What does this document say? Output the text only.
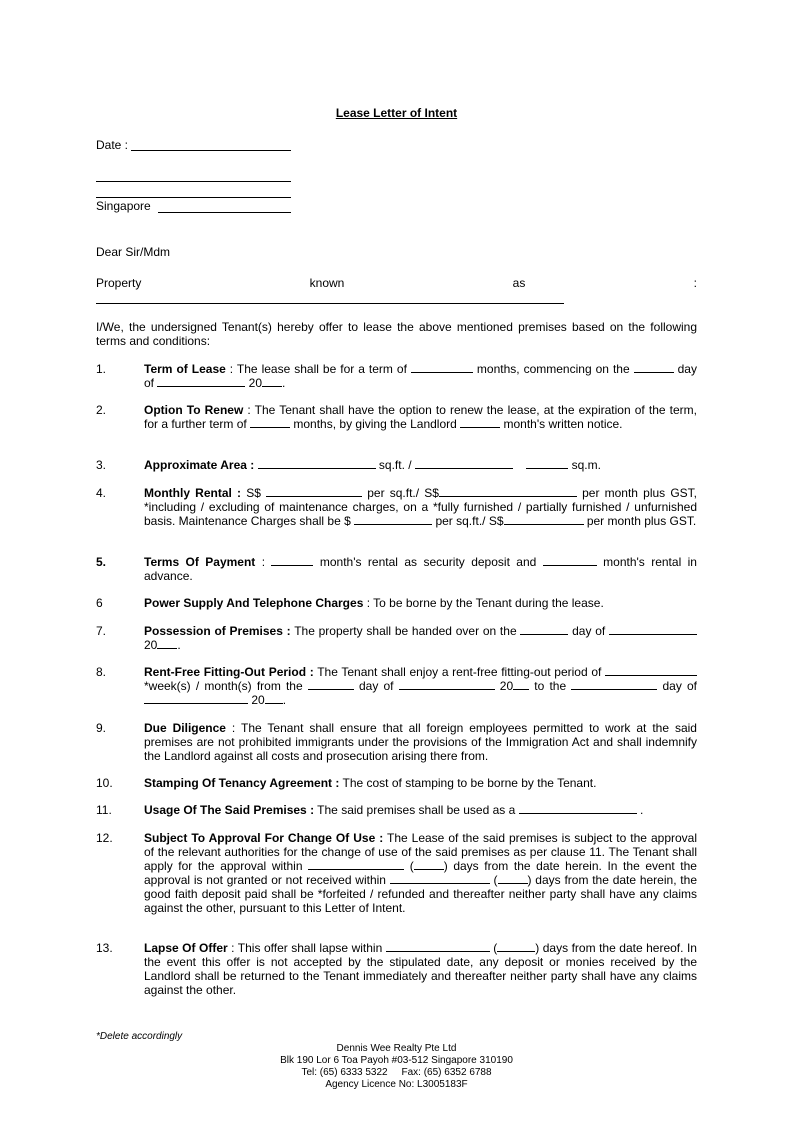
Lease Letter of Intent
Date :
Singapore
Dear Sir/Mdm
Property	known	as	:
I/We, the undersigned Tenant(s) hereby offer to lease the above mentioned premises based on the following terms and conditions:
1.	Term of Lease : The lease shall be for a term of	months, commencing on the	day of	20 .
2.	Option To Renew : The Tenant shall have the option to renew the lease, at the expiration of the term, for a further term of	months, by giving the Landlord	month's written notice.
3.	Approximate Area :	sq.ft. /	sq.m.
4.	Monthly Rental : S$	per sq.ft./ S$	per month plus GST, *including / excluding of maintenance charges, on a *fully furnished / partially furnished / unfurnished basis. Maintenance Charges shall be $	per sq.ft./ S$	per month plus GST.
5.	Terms Of Payment :	month's rental as security deposit and	month's rental in advance.
6	Power Supply And Telephone Charges : To be borne by the Tenant during the lease.
7.	Possession of Premises : The property shall be handed over on the	day of  20 .
8.	Rent-Free Fitting-Out Period : The Tenant shall enjoy a rent-free fitting-out period of  *week(s) / month(s) from the	day of	20 to the	day of  20 .
9.	Due Diligence : The Tenant shall ensure that all foreign employees permitted to work at the said premises are not prohibited immigrants under the provisions of the Immigration Act and shall indemnify the Landlord against all costs and prosecution arising there from.
10.	Stamping Of Tenancy Agreement : The cost of stamping to be borne by the Tenant.
11.	Usage Of The Said Premises : The said premises shall be used as a	.
12.	Subject To Approval For Change Of Use : The Lease of the said premises is subject to the approval of the relevant authorities for the change of use of the said premises as per clause 11. The Tenant shall apply for the approval within	(	) days from the date herein. In the event the approval is not granted or not received within	(	) days from the date herein, the good faith deposit paid shall be *forfeited / refunded and thereafter neither party shall have any claims against the other, pursuant to this Letter of Intent.
13.	Lapse Of Offer : This offer shall lapse within	(	) days from the date hereof. In the event this offer is not accepted by the stipulated date, any deposit or monies received by the Landlord shall be returned to the Tenant immediately and thereafter neither party shall have any claims against the other.
*Delete accordingly
Dennis Wee Realty Pte Ltd
Blk 190 Lor 6 Toa Payoh #03-512 Singapore 310190
Tel: (65) 6333 5322     Fax: (65) 6352 6788
Agency Licence No: L3005183F
